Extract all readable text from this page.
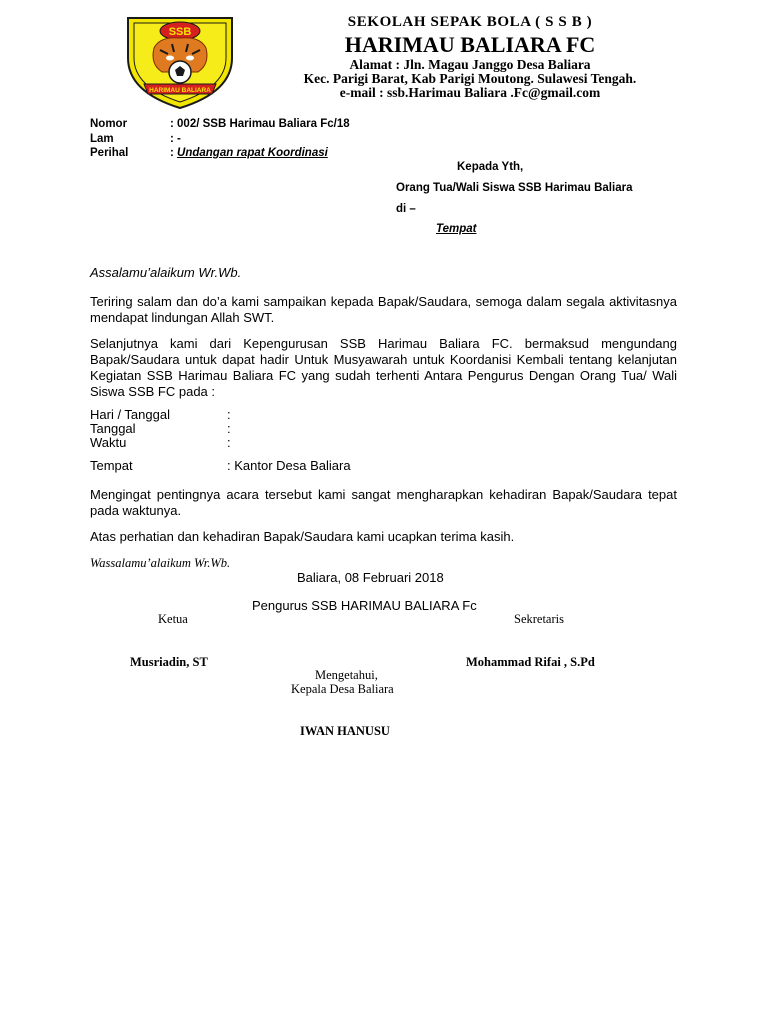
SSB
HARIMAU BALIARA
SEKOLAH SEPAK BOLA ( S S B )
HARIMAU BALIARA FC
Alamat : Jln. Magau Janggo Desa Baliara
Kec. Parigi Barat, Kab Parigi Moutong. Sulawesi Tengah.
e-mail : ssb.Harimau Baliara .Fc@gmail.com
Nomor	: 002/ SSB Harimau Baliara Fc/18
Lam	: -
Perihal	: Undangan rapat Koordinasi
Kepada Yth,
Orang Tua/Wali Siswa SSB Harimau Baliara
di –
Tempat
Assalamu’alaikum Wr.Wb.
Teriring salam dan do’a kami sampaikan kepada Bapak/Saudara, semoga dalam segala aktivitasnya mendapat lindungan Allah SWT.
Selanjutnya kami dari Kepengurusan SSB Harimau Baliara FC. bermaksud mengundang Bapak/Saudara untuk dapat hadir Untuk Musyawarah untuk Koordanisi Kembali tentang kelanjutan Kegiatan SSB Harimau Baliara FC yang sudah terhenti Antara Pengurus Dengan Orang Tua/ Wali Siswa SSB FC pada :
Hari / Tanggal	:
Tanggal	:
Waktu	:
Tempat	: Kantor Desa Baliara
Mengingat pentingnya acara tersebut kami sangat mengharapkan kehadiran Bapak/Saudara tepat pada waktunya.
Atas perhatian dan kehadiran Bapak/Saudara kami ucapkan terima kasih.
Wassalamu’alaikum Wr.Wb.
Baliara, 08 Februari 2018
Pengurus SSB HARIMAU BALIARA Fc
Ketua	Sekretaris
Musriadin, ST	Mohammad Rifai , S.Pd
Mengetahui,
Kepala Desa Baliara
IWAN HANUSU
